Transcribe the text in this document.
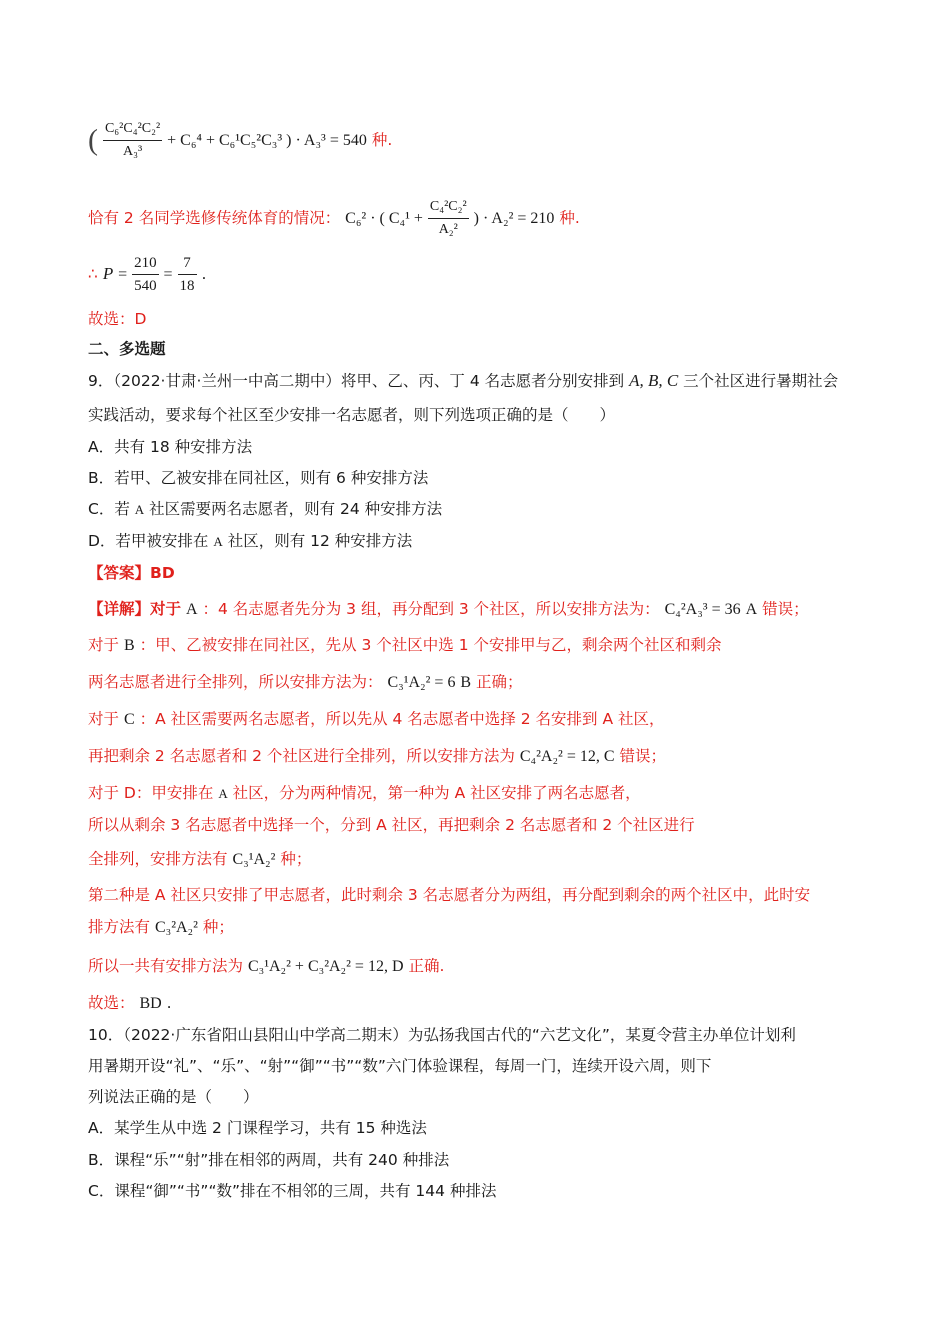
( $\frac{\text{C₆²C₄²C₂²}}{\text{A₃³}} + C_6^4 + C_6^1C_5^2C_3^3$ ) · A₃³ = 540 种.
恰有 2 名同学选修传统体育的情况： C₆² · ( $C_4^1 + \frac{\text{C₄²C₂²}}{\text{A₂²}}$ ) · A₂² = 210 种.
∴ $P = \frac{210}{540} = \frac{7}{18}$ .
故选：D
二、多选题
9．（2022·甘肃·兰州一中高二期中）将甲、乙、丙、丁 4 名志愿者分别安排到 A, B, C 三个社区进行暑期社会
实践活动，要求每个社区至少安排一名志愿者，则下列选项正确的是（　　）
A．共有 18 种安排方法
B．若甲、乙被安排在同社区，则有 6 种安排方法
C．若 A 社区需要两名志愿者，则有 24 种安排方法
D．若甲被安排在 A 社区，则有 12 种安排方法
【答案】BD
【详解】对于 A ：4 名志愿者先分为 3 组，再分配到 3 个社区，所以安排方法为： C₄²A₃³ = 36 A 错误；
对于 B ：甲、乙被安排在同社区，先从 3 个社区中选 1 个安排甲与乙，剩余两个社区和剩余
两名志愿者进行全排列，所以安排方法为： C₃¹A₂² = 6 B 正确；
对于 C ：A 社区需要两名志愿者，所以先从 4 名志愿者中选择 2 名安排到 A 社区，
再把剩余 2 名志愿者和 2 个社区进行全排列，所以安排方法为 C₄²A₂² = 12, C 错误；
对于 D：甲安排在 A 社区，分为两种情况，第一种为 A 社区安排了两名志愿者，
所以从剩余 3 名志愿者中选择一个，分到 A 社区，再把剩余 2 名志愿者和 2 个社区进行
全排列，安排方法有 C₃¹A₂² 种；
第二种是 A 社区只安排了甲志愿者，此时剩余 3 名志愿者分为两组，再分配到剩余的两个社区中，此时安
排方法有 C₃²A₂² 种；
所以一共有安排方法为 C₃¹A₂² + C₃²A₂² = 12, D 正确.
故选： BD .
10．（2022·广东省阳山县阳山中学高二期末）为弘扬我国古代的“六艺文化”，某夏令营主办单位计划利
用暑期开设“礼”、“乐”、“射”“御”“书”“数”六门体验课程，每周一门，连续开设六周，则下
列说法正确的是（　　）
A．某学生从中选 2 门课程学习，共有 15 种选法
B．课程“乐”“射”排在相邻的两周，共有 240 种排法
C．课程“御”“书”“数”排在不相邻的三周，共有 144 种排法
